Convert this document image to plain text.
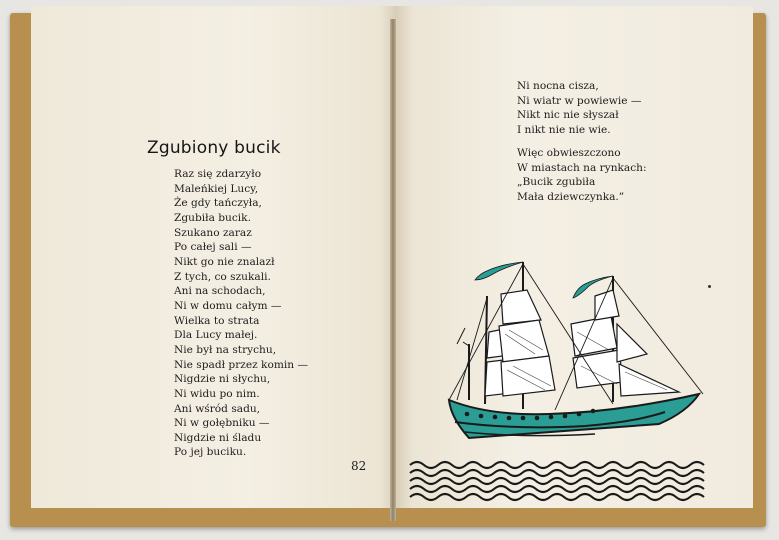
Zgubiony bucik
Raz się zdarzyło
Maleńkiej Lucy,
Że gdy tańczyła,
Zgubiła bucik.
Szukano zaraz
Po całej sali —
Nikt go nie znalazł
Z tych, co szukali.
Ani na schodach,
Ni w domu całym —
Wielka to strata
Dla Lucy małej.
Nie był na strychu,
Nie spadł przez komin —
Nigdzie ni słychu,
Ni widu po nim.
Ani wśród sadu,
Ni w gołębniku —
Nigdzie ni śladu
Po jej buciku.
82
Ni nocna cisza,
Ni wiatr w powiewie —
Nikt nic nie słyszał
I nikt nie nie wie.
Więc obwieszczono
W miastach na rynkach:
„Bucik zgubiła
Mała dziewczynka.”
